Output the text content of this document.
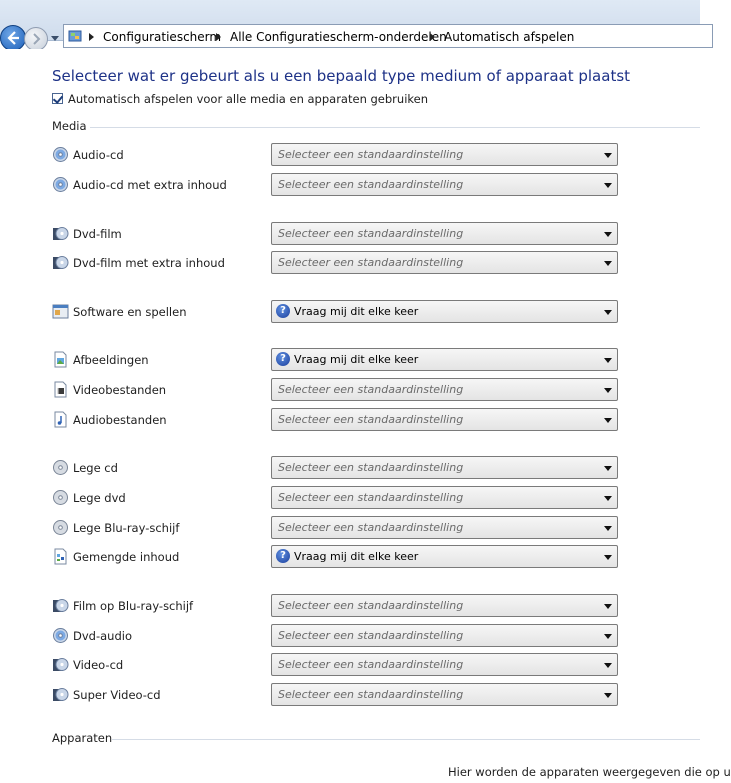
Configuratiescherm Alle Configuratiescherm-onderdelen
Automatisch afspelen
Selecteer wat er gebeurt als u een bepaald type medium of apparaat plaatst
Automatisch afspelen voor alle media en apparaten gebruiken
Media
Audio-cd	Selecteer een standaardinstelling
Audio-cd met extra inhoud	Selecteer een standaardinstelling
Dvd-film	Selecteer een standaardinstelling
Dvd-film met extra inhoud	Selecteer een standaardinstelling
Software en spellen	? Vraag mij dit elke keer
Afbeeldingen	? Vraag mij dit elke keer
Videobestanden	Selecteer een standaardinstelling
Audiobestanden	Selecteer een standaardinstelling
Lege cd	Selecteer een standaardinstelling
Lege dvd	Selecteer een standaardinstelling
Lege Blu-ray-schijf	Selecteer een standaardinstelling
Gemengde inhoud	? Vraag mij dit elke keer
Film op Blu-ray-schijf	Selecteer een standaardinstelling
Dvd-audio	Selecteer een standaardinstelling
Video-cd	Selecteer een standaardinstelling
Super Video-cd	Selecteer een standaardinstelling
Apparaten
Hier worden de apparaten weergegeven die op u
